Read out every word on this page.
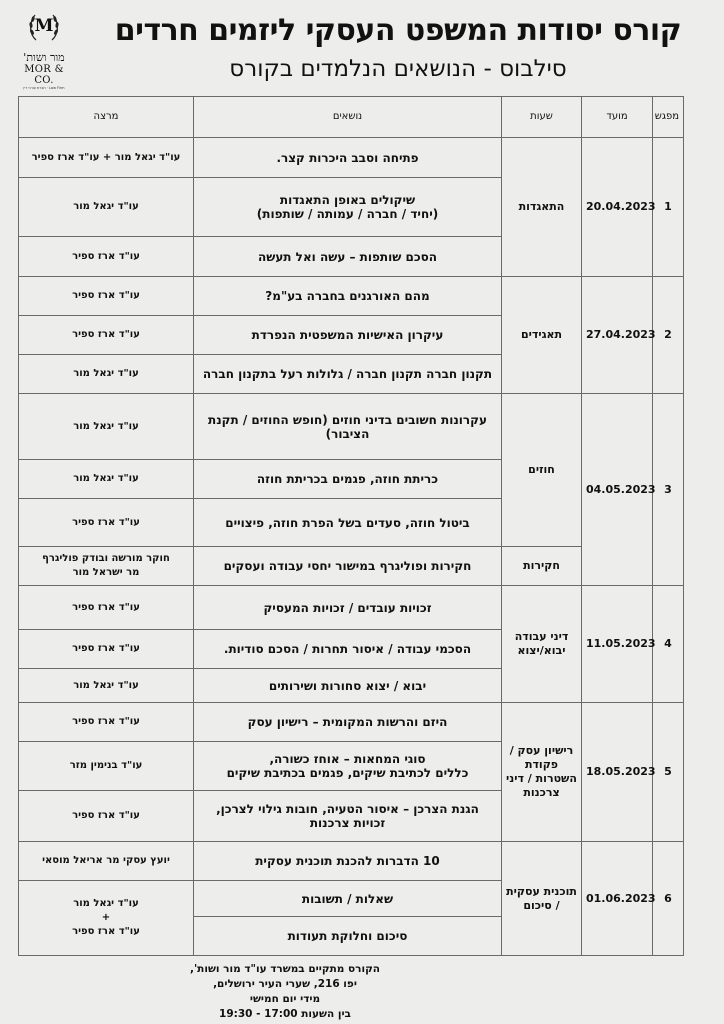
M
מור ושות'
MOR & CO.
Law Firm · חברת עורכי דין
קורס יסודות המשפט העסקי ליזמים חרדים
סילבוס - הנושאים הנלמדים בקורס
מפגש	מועד	שעות	נושאים	מרצה
1	20.04.2023	התאגדות	פתיחה וסבב היכרות קצר.	עו"ד יגאל מור + עו"ד ארז ספיר

			שיקולים באופן התאגדות
(יחיד / חברה / עמותה / שותפות)	עו"ד יגאל מור

			הסכם שותפות – עשה ואל תעשה	עו"ד ארז ספיר

2	27.04.2023	תאגידים	מהם האורגנים בחברה בע"מ?	עו"ד ארז ספיר

			עיקרון האישיות המשפטית הנפרדת	עו"ד ארז ספיר

			תקנון חברה תקנון חברה / גלולות רעל בתקנון חברה	עו"ד יגאל מור

3	04.05.2023	חוזים	עקרונות חשובים בדיני חוזים (חופש החוזים / תקנת
הציבור)	עו"ד יגאל מור

			כריתת חוזה, פגמים בכריתת חוזה	עו"ד יגאל מור

			ביטול חוזה, סעדים בשל הפרת חוזה, פיצויים	עו"ד ארז ספיר

		חקירות	חקירות ופוליגרף במישור יחסי עבודה ועסקים	חוקר מורשה ובודק פוליגרף
מר ישראל מור

4	11.05.2023	דיני עבודה יבוא/יצוא	זכויות עובדים / זכויות המעסיק	עו"ד ארז ספיר

			הסכמי עבודה / איסור תחרות / הסכם סודיות.	עו"ד ארז ספיר

			יבוא / יצוא סחורות ושירותים	עו"ד יגאל מור

5	18.05.2023	רישיון עסק / פקודת השטרות / דיני צרכנות	היזם והרשות המקומית – רישיון עסק	עו"ד ארז ספיר

			סוגי המחאות – אוחז כשורה,
כללים לכתיבת שיקים, פגמים בכתיבת שיקים	עו"ד בנימין מזר

			הגנת הצרכן – איסור הטעיה, חובות גילוי לצרכן,
זכויות צרכנות	עו"ד ארז ספיר

6	01.06.2023	תוכנית עסקית / סיכום	10 הדברות להכנת תוכנית עסקית	יועץ עסקי מר אריאל מוסאי

			שאלות / תשובות	עו"ד יגאל מור
+
עו"ד ארז ספיר

			סיכום וחלוקת תעודות	
הקורס מתקיים במשרד עו"ד מור ושות',
יפו 216, שערי העיר ירושלים,
מידי יום חמישי
בין השעות 17:00 - 19:30
